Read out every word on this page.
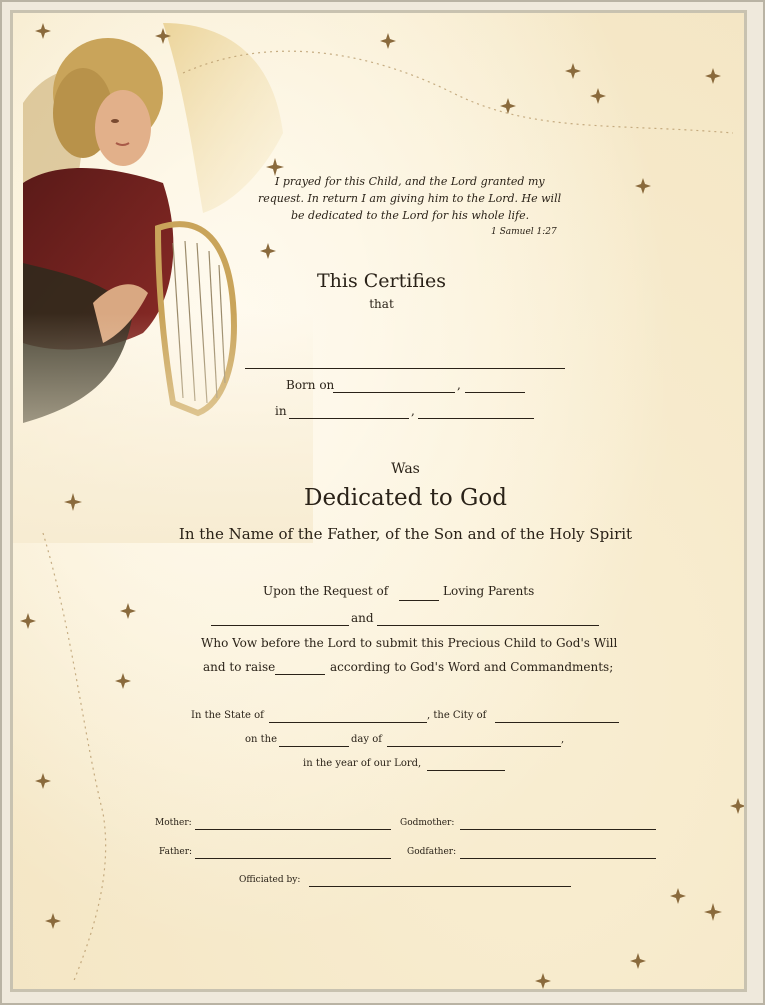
I prayed for this Child, and the Lord granted my
request. In return I am giving him to the Lord. He will
be dedicated to the Lord for his whole life.
1 Samuel 1:27
This Certifies
that
Born on	,
in	,
Was
Dedicated to God
In the Name of the Father, of the Son and of the Holy Spirit
Upon the Request of	Loving Parents
and
Who Vow before the Lord to submit this Precious Child to God's Will
and to raise	according to God's Word and Commandments;
In the State of	, the City of
on the	day of	,
in the year of our Lord,
Mother:	Godmother:
Father:	Godfather:
Officiated by:
